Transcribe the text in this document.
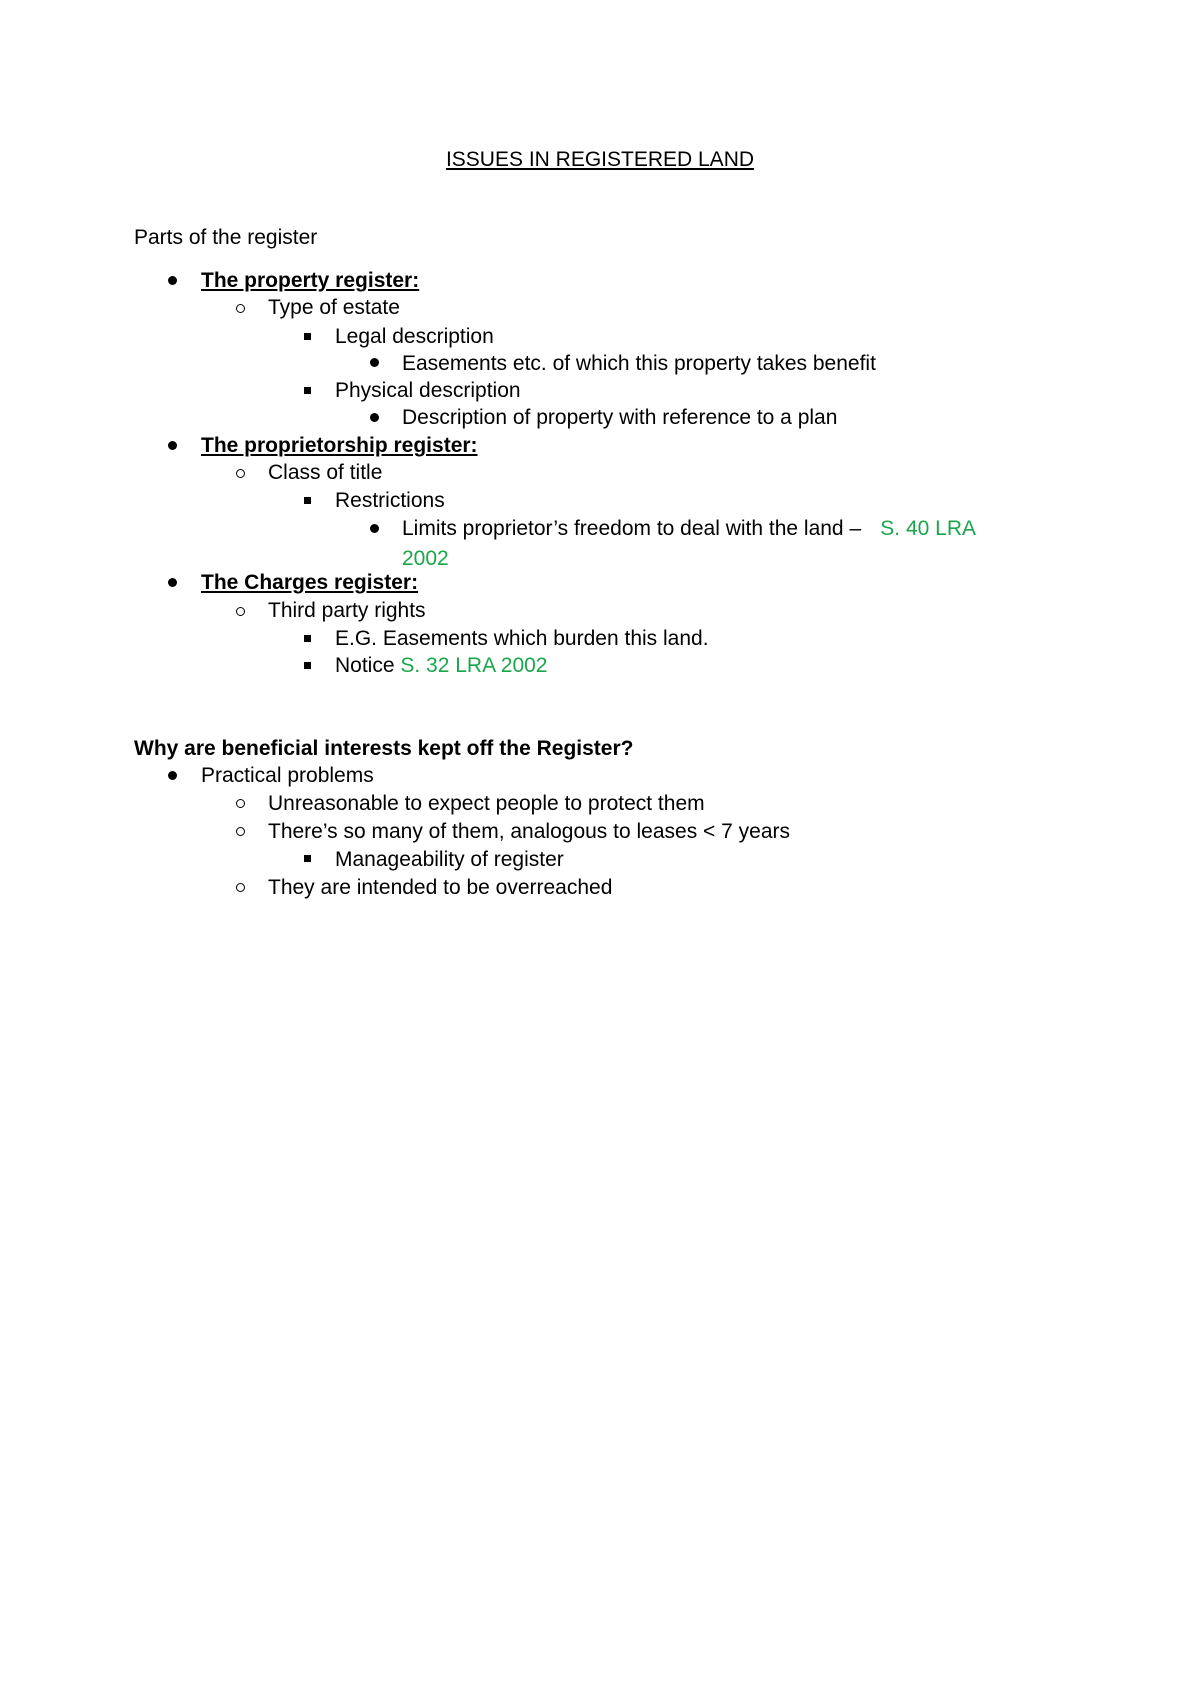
ISSUES IN REGISTERED LAND
Parts of the register
The property register:
Type of estate
Legal description
Easements etc. of which this property takes benefit
Physical description
Description of property with reference to a plan
The proprietorship register:
Class of title
Restrictions
Limits proprietor’s freedom to deal with the land – S. 40 LRA
2002
The Charges register:
Third party rights
E.G. Easements which burden this land.
Notice S. 32 LRA 2002
Why are beneficial interests kept off the Register?
Practical problems
Unreasonable to expect people to protect them
There’s so many of them, analogous to leases < 7 years
Manageability of register
They are intended to be overreached
